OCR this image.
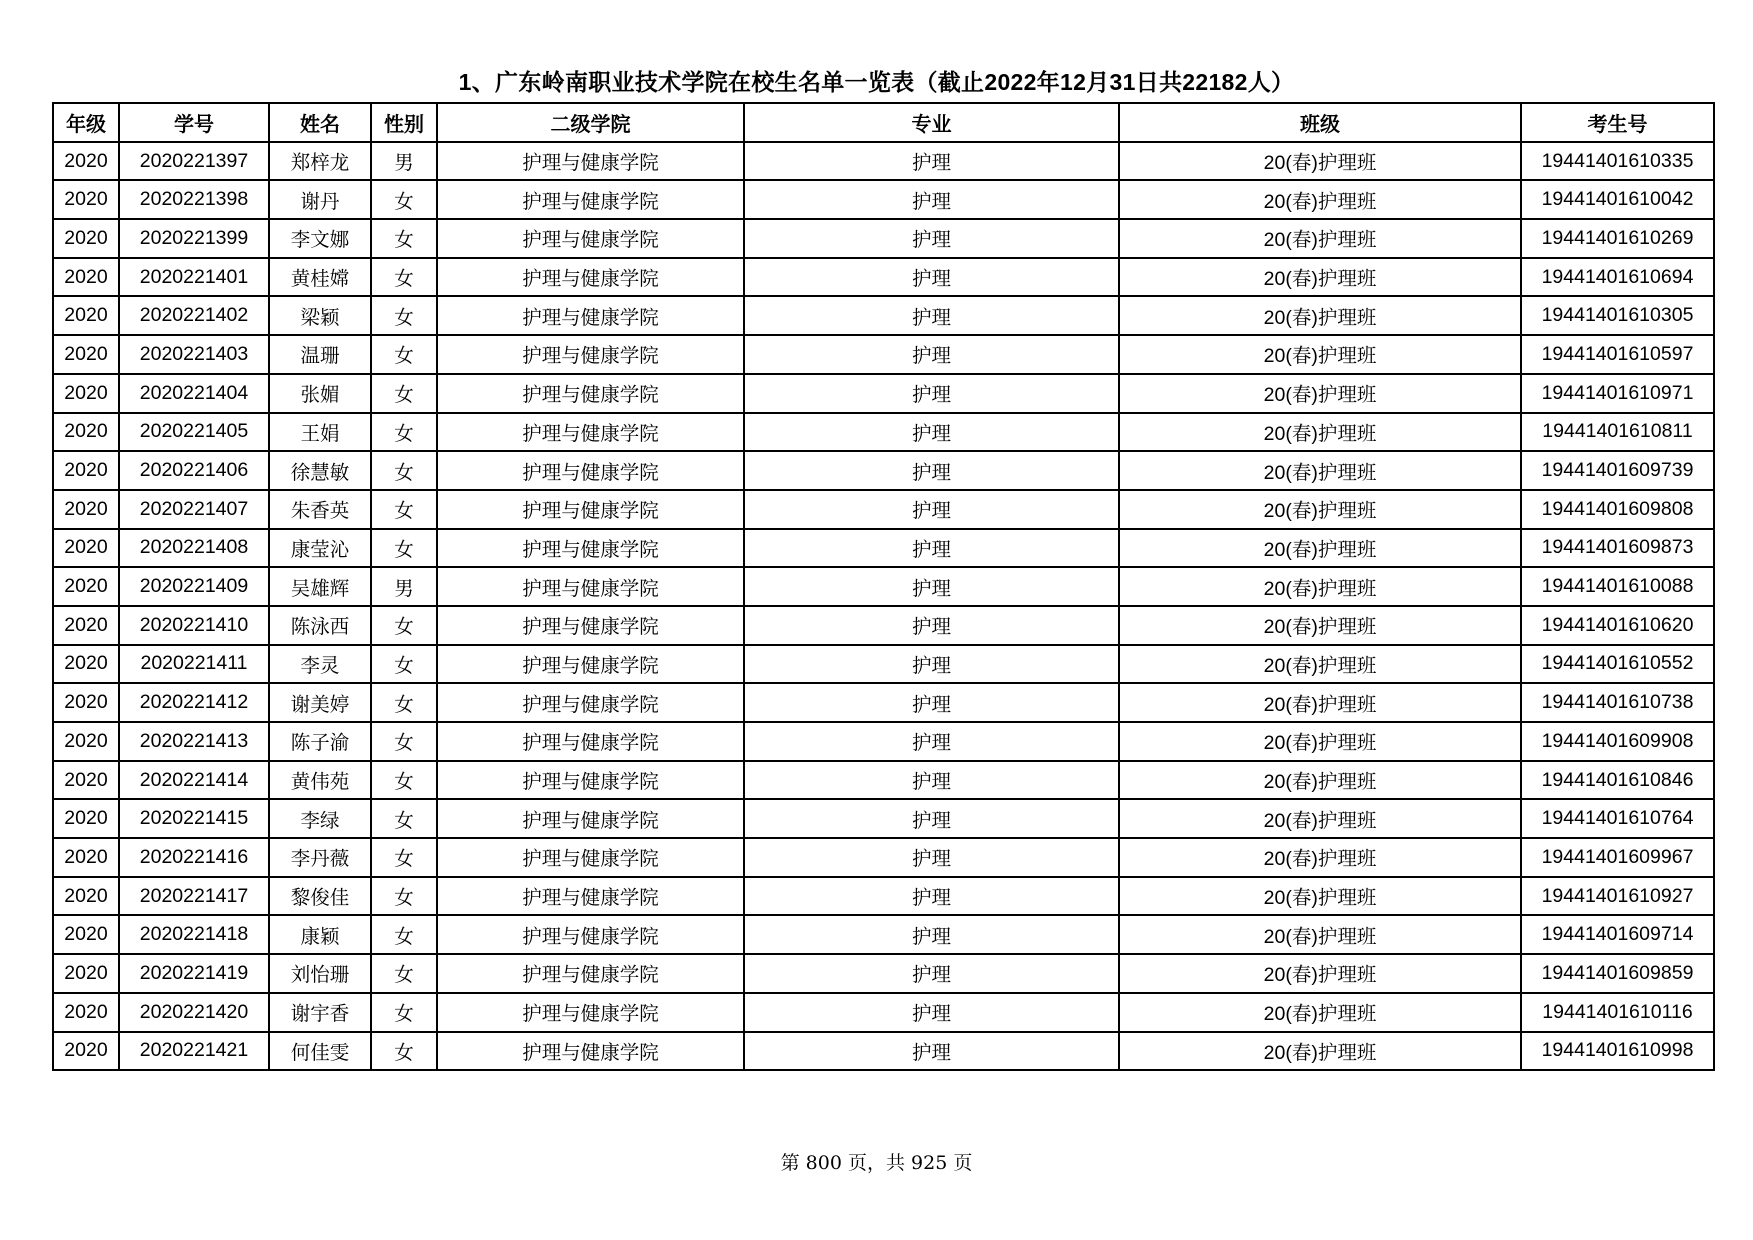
1、广东岭南职业技术学院在校生名单一览表（截止2022年12月31日共22182人）
年级	学号	姓名	性别	二级学院	专业	班级	考生号
2020	2020221397	郑梓龙	男	护理与健康学院	护理	20(春)护理班	19441401610335
2020	2020221398	谢丹	女	护理与健康学院	护理	20(春)护理班	19441401610042
2020	2020221399	李文娜	女	护理与健康学院	护理	20(春)护理班	19441401610269
2020	2020221401	黄桂嫦	女	护理与健康学院	护理	20(春)护理班	19441401610694
2020	2020221402	梁颖	女	护理与健康学院	护理	20(春)护理班	19441401610305
2020	2020221403	温珊	女	护理与健康学院	护理	20(春)护理班	19441401610597
2020	2020221404	张媚	女	护理与健康学院	护理	20(春)护理班	19441401610971
2020	2020221405	王娟	女	护理与健康学院	护理	20(春)护理班	19441401610811
2020	2020221406	徐慧敏	女	护理与健康学院	护理	20(春)护理班	19441401609739
2020	2020221407	朱香英	女	护理与健康学院	护理	20(春)护理班	19441401609808
2020	2020221408	康莹沁	女	护理与健康学院	护理	20(春)护理班	19441401609873
2020	2020221409	吴雄辉	男	护理与健康学院	护理	20(春)护理班	19441401610088
2020	2020221410	陈泳西	女	护理与健康学院	护理	20(春)护理班	19441401610620
2020	2020221411	李灵	女	护理与健康学院	护理	20(春)护理班	19441401610552
2020	2020221412	谢美婷	女	护理与健康学院	护理	20(春)护理班	19441401610738
2020	2020221413	陈子渝	女	护理与健康学院	护理	20(春)护理班	19441401609908
2020	2020221414	黄伟苑	女	护理与健康学院	护理	20(春)护理班	19441401610846
2020	2020221415	李绿	女	护理与健康学院	护理	20(春)护理班	19441401610764
2020	2020221416	李丹薇	女	护理与健康学院	护理	20(春)护理班	19441401609967
2020	2020221417	黎俊佳	女	护理与健康学院	护理	20(春)护理班	19441401610927
2020	2020221418	康颖	女	护理与健康学院	护理	20(春)护理班	19441401609714
2020	2020221419	刘怡珊	女	护理与健康学院	护理	20(春)护理班	19441401609859
2020	2020221420	谢宇香	女	护理与健康学院	护理	20(春)护理班	19441401610116
2020	2020221421	何佳雯	女	护理与健康学院	护理	20(春)护理班	19441401610998
第 800 页，共 925 页
